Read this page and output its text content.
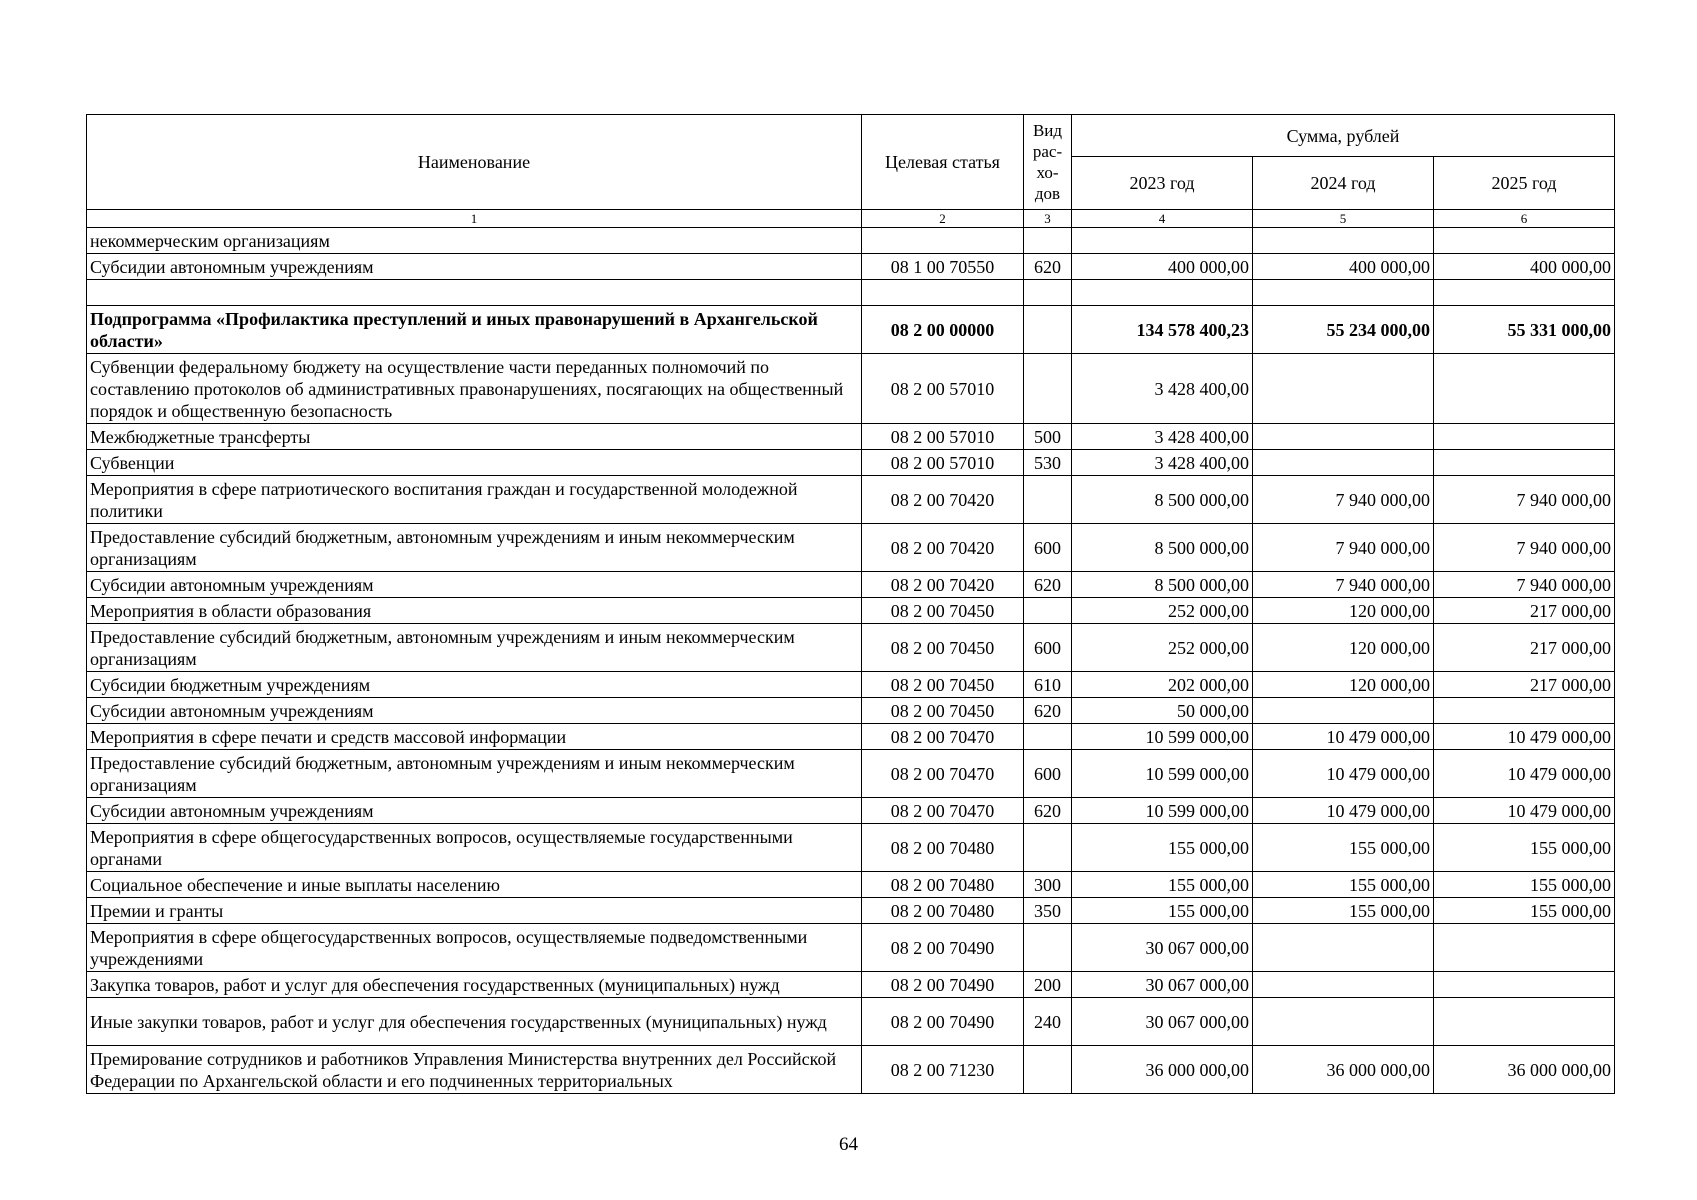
Наименование	Целевая статья	Вид
рас-
хо-
дов	Сумма, рублей		
			2023 год	2024 год	2025 год
1	2	3	4	5	6
некоммерческим организациям					
Субсидии автономным учреждениям	08 1 00 70550	620	400 000,00	400 000,00	400 000,00

Подпрограмма «Профилактика преступлений и иных правонарушений в Архангельской области»	08 2 00 00000		134 578 400,23	55 234 000,00	55 331 000,00
Субвенции федеральному бюджету на осуществление части переданных полномочий по составлению протоколов об административных правонарушениях, посягающих на общественный порядок и общественную безопасность	08 2 00 57010		3 428 400,00		
Межбюджетные трансферты	08 2 00 57010	500	3 428 400,00		
Субвенции	08 2 00 57010	530	3 428 400,00		
Мероприятия в сфере патриотического воспитания граждан и государственной молодежной политики	08 2 00 70420		8 500 000,00	7 940 000,00	7 940 000,00
Предоставление субсидий бюджетным, автономным учреждениям и иным некоммерческим организациям	08 2 00 70420	600	8 500 000,00	7 940 000,00	7 940 000,00
Субсидии автономным учреждениям	08 2 00 70420	620	8 500 000,00	7 940 000,00	7 940 000,00
Мероприятия в области образования	08 2 00 70450		252 000,00	120 000,00	217 000,00
Предоставление субсидий бюджетным, автономным учреждениям и иным некоммерческим организациям	08 2 00 70450	600	252 000,00	120 000,00	217 000,00
Субсидии бюджетным учреждениям	08 2 00 70450	610	202 000,00	120 000,00	217 000,00
Субсидии автономным учреждениям	08 2 00 70450	620	50 000,00		
Мероприятия в сфере печати и средств массовой информации	08 2 00 70470		10 599 000,00	10 479 000,00	10 479 000,00
Предоставление субсидий бюджетным, автономным учреждениям и иным некоммерческим организациям	08 2 00 70470	600	10 599 000,00	10 479 000,00	10 479 000,00
Субсидии автономным учреждениям	08 2 00 70470	620	10 599 000,00	10 479 000,00	10 479 000,00
Мероприятия в сфере общегосударственных вопросов, осуществляемые государственными органами	08 2 00 70480		155 000,00	155 000,00	155 000,00
Социальное обеспечение и иные выплаты населению	08 2 00 70480	300	155 000,00	155 000,00	155 000,00
Премии и гранты	08 2 00 70480	350	155 000,00	155 000,00	155 000,00
Мероприятия в сфере общегосударственных вопросов, осуществляемые подведомственными учреждениями	08 2 00 70490		30 067 000,00		
Закупка товаров, работ и услуг для обеспечения государственных (муниципальных) нужд	08 2 00 70490	200	30 067 000,00		
Иные закупки товаров, работ и услуг для обеспечения государственных (муниципальных) нужд	08 2 00 70490	240	30 067 000,00		
Премирование сотрудников и работников Управления Министерства внутренних дел Российской Федерации по Архангельской области и его подчиненных территориальных	08 2 00 71230		36 000 000,00	36 000 000,00	36 000 000,00
64
